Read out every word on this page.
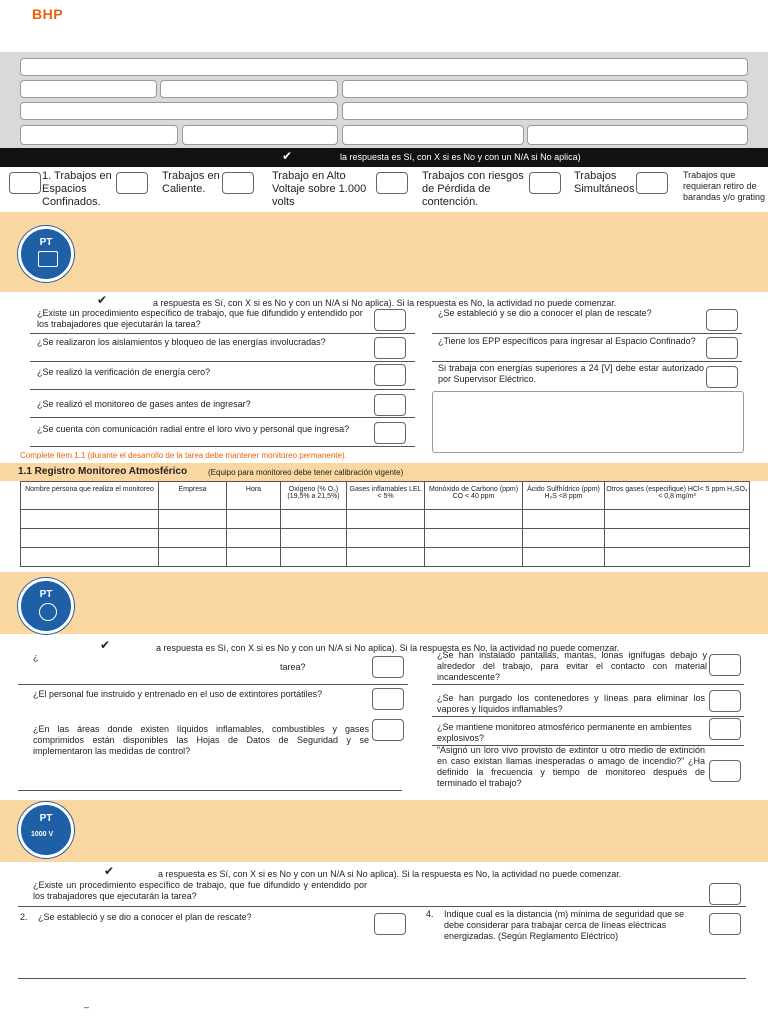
BHP
✔	la respuesta es Sí, con X si es No y con un N/A si No aplica)
1. Trabajos en Espacios Confinados.
Trabajos en Caliente.
Trabajo en Alto Voltaje sobre 1.000 volts
Trabajos con riesgos de Pérdida de contención.
Trabajos Simultáneos
Trabajos que requieran retiro de barandas y/o grating
PT
✔	a respuesta es Sí, con X si es No y con un N/A si No aplica). Si la respuesta es No, la actividad no puede comenzar.
¿Existe un procedimiento específico de trabajo, que fue difundido y entendido por los trabajadores que ejecutarán la tarea?
¿Se estableció y se dio a conocer el plan de rescate?
¿Se realizaron los aislamientos y bloqueo de las energías involucradas?	¿Tiene los EPP específicos para ingresar al Espacio Confinado?
¿Se realizó la verificación de energía cero?	Si trabaja con energías superiores a 24 [V] debe estar autorizado por Supervisor Eléctrico.
¿Se realizó el monitoreo de gases antes de ingresar?
¿Se cuenta con comunicación radial entre el loro vivo y personal que ingresa?
Complete ítem 1.1 (durante el desarrollo de la tarea debe mantener monitoreo permanente).
1.1 Registro Monitoreo Atmosférico	(Equipo para monitoreo debe tener calibración vigente)
Nombre persona que realiza el monitoreo	Empresa	Hora	Oxígeno (% O₂) (19,5% a 21,5%)	Gases inflamables LEL < 5%	Monóxido de Carbono (ppm) CO < 40 ppm	Ácido Sulfhídrico (ppm) H₂S <8 ppm	Otros gases (especifique) HCl< 5 ppm H₂SO₄ < 0,8 mg/m³

PT
✔	a respuesta es Sí, con X si es No y con un N/A si No aplica). Si la respuesta es No, la actividad no puede comenzar.
¿
tarea?
¿Se han instalado pantallas, mantas, lonas ignífugas debajo y alrededor del trabajo, para evitar el contacto con material incandescente?
¿El personal fue instruido y entrenado en el uso de extintores portátiles?	¿Se han purgado los contenedores y líneas para eliminar los vapores y líquidos inflamables?
¿En las áreas donde existen líquidos inflamables, combustibles y gases comprimidos están disponibles las Hojas de Datos de Seguridad y se implementaron las medidas de control?
¿Se mantiene monitoreo atmosférico permanente en ambientes explosivos?
“Asignó un loro vivo provisto de extintor u otro medio de extinción en caso existan llamas inesperadas o amago de incendio?” ¿Ha definido la frecuencia y tiempo de monitoreo después de terminado el trabajo?
PT
1000 V
✔	a respuesta es Sí, con X si es No y con un N/A si No aplica). Si la respuesta es No, la actividad no puede comenzar.
¿Existe un procedimiento específico de trabajo, que fue difundido y entendido por los trabajadores que ejecutarán la tarea?
2. ¿Se estableció y se dio a conocer el plan de rescate?	4. Indique cual es la distancia (m) mínima de seguridad que se debe considerar para trabajar cerca de líneas eléctricas energizadas. (Según Reglamento Eléctrico)
–
